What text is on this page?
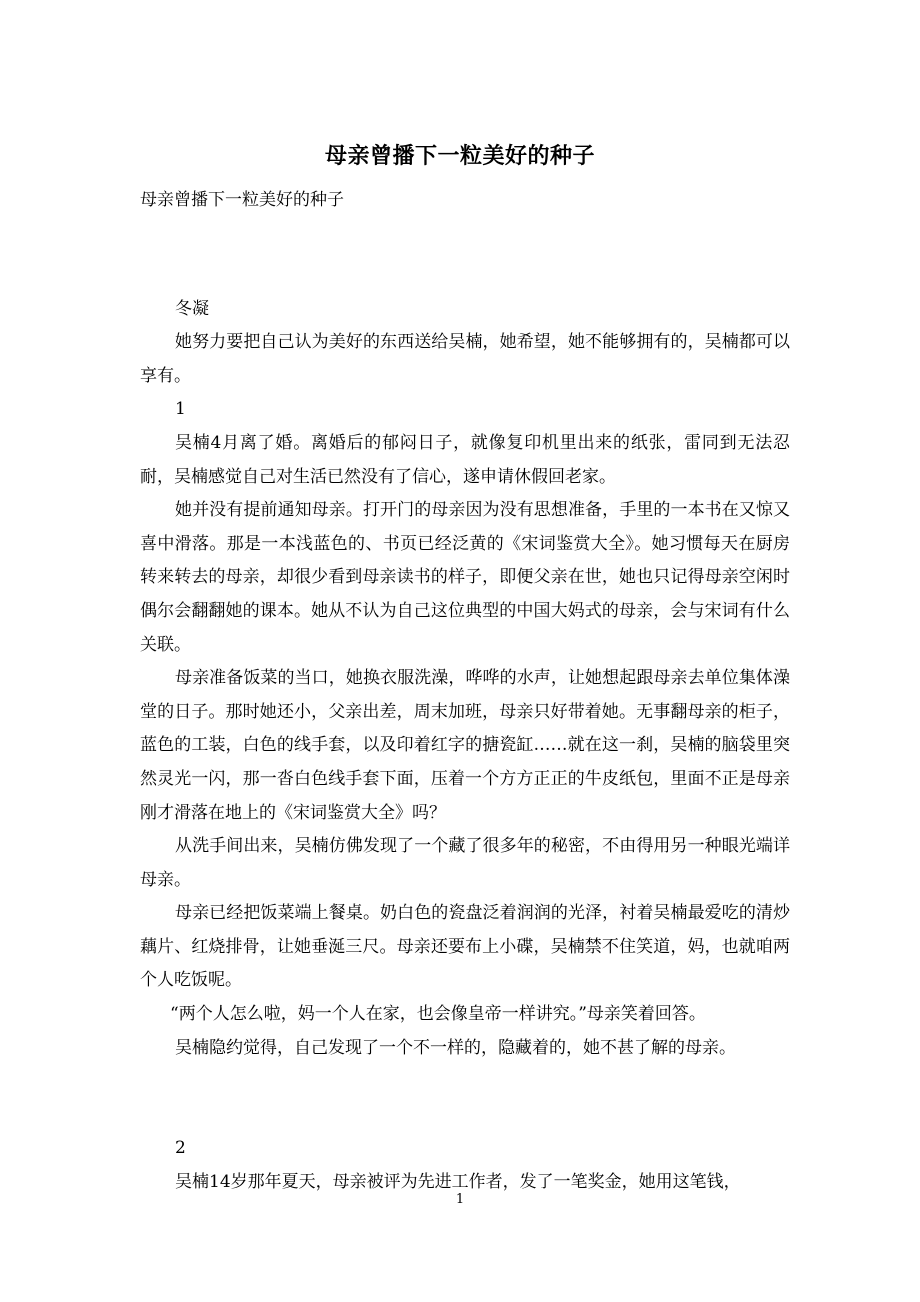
母亲曾播下一粒美好的种子
母亲曾播下一粒美好的种子

冬凝

她努力要把自己认为美好的东西送给吴楠，她希望，她不能够拥有的，吴楠都可以享有。

1

吴楠4月离了婚。离婚后的郁闷日子，就像复印机里出来的纸张，雷同到无法忍耐，吴楠感觉自己对生活已然没有了信心，遂申请休假回老家。

她并没有提前通知母亲。打开门的母亲因为没有思想准备，手里的一本书在又惊又喜中滑落。那是一本浅蓝色的、书页已经泛黄的《宋词鉴赏大全》。她习惯每天在厨房转来转去的母亲，却很少看到母亲读书的样子，即便父亲在世，她也只记得母亲空闲时偶尔会翻翻她的课本。她从不认为自己这位典型的中国大妈式的母亲，会与宋词有什么关联。

母亲准备饭菜的当口，她换衣服洗澡，哗哗的水声，让她想起跟母亲去单位集体澡堂的日子。那时她还小，父亲出差，周末加班，母亲只好带着她。无事翻母亲的柜子，蓝色的工装，白色的线手套，以及印着红字的搪瓷缸……就在这一刹，吴楠的脑袋里突然灵光一闪，那一沓白色线手套下面，压着一个方方正正的牛皮纸包，里面不正是母亲刚才滑落在地上的《宋词鉴赏大全》吗？

从洗手间出来，吴楠仿佛发现了一个藏了很多年的秘密，不由得用另一种眼光端详母亲。

母亲已经把饭菜端上餐桌。奶白色的瓷盘泛着润润的光泽，衬着吴楠最爱吃的清炒藕片、红烧排骨，让她垂涎三尺。母亲还要布上小碟，吴楠禁不住笑道，妈，也就咱两个人吃饭呢。

“两个人怎么啦，妈一个人在家，也会像皇帝一样讲究。”母亲笑着回答。

吴楠隐约觉得，自己发现了一个不一样的，隐藏着的，她不甚了解的母亲。

2

吴楠14岁那年夏天，母亲被评为先进工作者，发了一笔奖金，她用这笔钱，

1
